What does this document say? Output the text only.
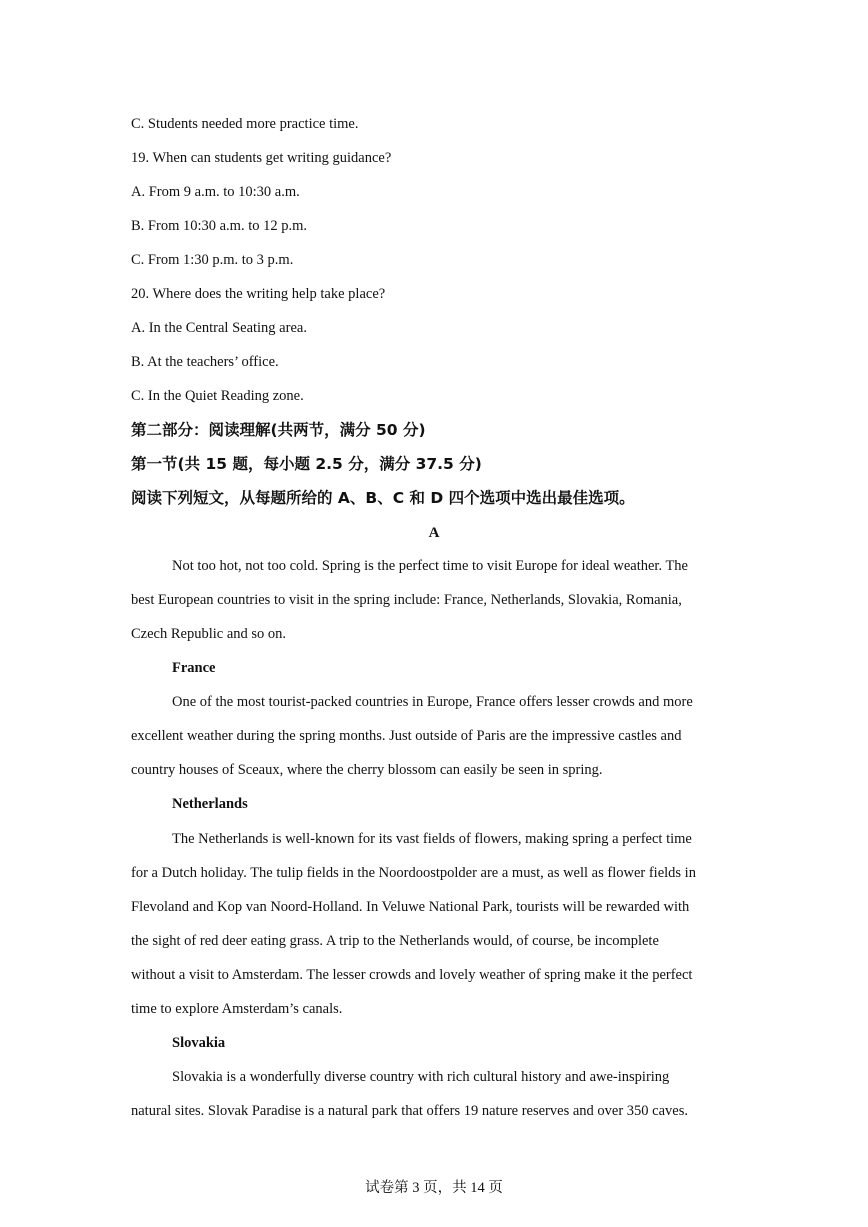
C. Students needed more practice time.
19. When can students get writing guidance?
A. From 9 a.m. to 10:30 a.m.
B. From 10:30 a.m. to 12 p.m.
C. From 1:30 p.m. to 3 p.m.
20. Where does the writing help take place?
A. In the Central Seating area.
B. At the teachers’ office.
C. In the Quiet Reading zone.
第二部分：阅读理解(共两节，满分 50 分)
第一节(共 15 题，每小题 2.5 分，满分 37.5 分)
阅读下列短文，从每题所给的 A、B、C 和 D 四个选项中选出最佳选项。
A
Not too hot, not too cold. Spring is the perfect time to visit Europe for ideal weather. The
best European countries to visit in the spring include: France, Netherlands, Slovakia, Romania,
Czech Republic and so on.
France
One of the most tourist-packed countries in Europe, France offers lesser crowds and more
excellent weather during the spring months. Just outside of Paris are the impressive castles and
country houses of Sceaux, where the cherry blossom can easily be seen in spring.
Netherlands
The Netherlands is well-known for its vast fields of flowers, making spring a perfect time
for a Dutch holiday. The tulip fields in the Noordoostpolder are a must, as well as flower fields in
Flevoland and Kop van Noord-Holland. In Veluwe National Park, tourists will be rewarded with
the sight of red deer eating grass. A trip to the Netherlands would, of course, be incomplete
without a visit to Amsterdam. The lesser crowds and lovely weather of spring make it the perfect
time to explore Amsterdam’s canals.
Slovakia
Slovakia is a wonderfully diverse country with rich cultural history and awe-inspiring
natural sites. Slovak Paradise is a natural park that offers 19 nature reserves and over 350 caves.
试卷第 3 页，共 14 页
